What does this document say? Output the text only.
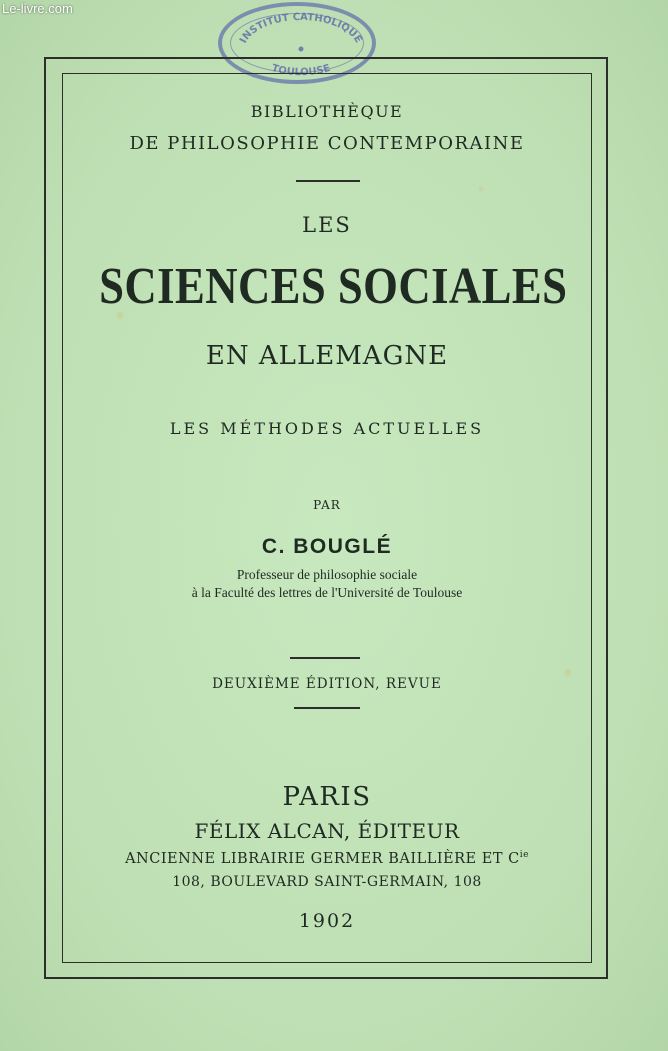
Le-livre.com
INSTITUT CATHOLIQUE
TOULOUSE
BIBLIOTHÈQUE
DE PHILOSOPHIE CONTEMPORAINE
LES
SCIENCES SOCIALES
EN ALLEMAGNE
LES MÉTHODES ACTUELLES
PAR
C. BOUGLÉ
Professeur de philosophie sociale
à la Faculté des lettres de l'Université de Toulouse
DEUXIÈME ÉDITION, REVUE
PARIS
FÉLIX ALCAN, ÉDITEUR
ANCIENNE LIBRAIRIE GERMER BAILLIÈRE ET $C^{ie}$
108, BOULEVARD SAINT-GERMAIN, 108
1902
